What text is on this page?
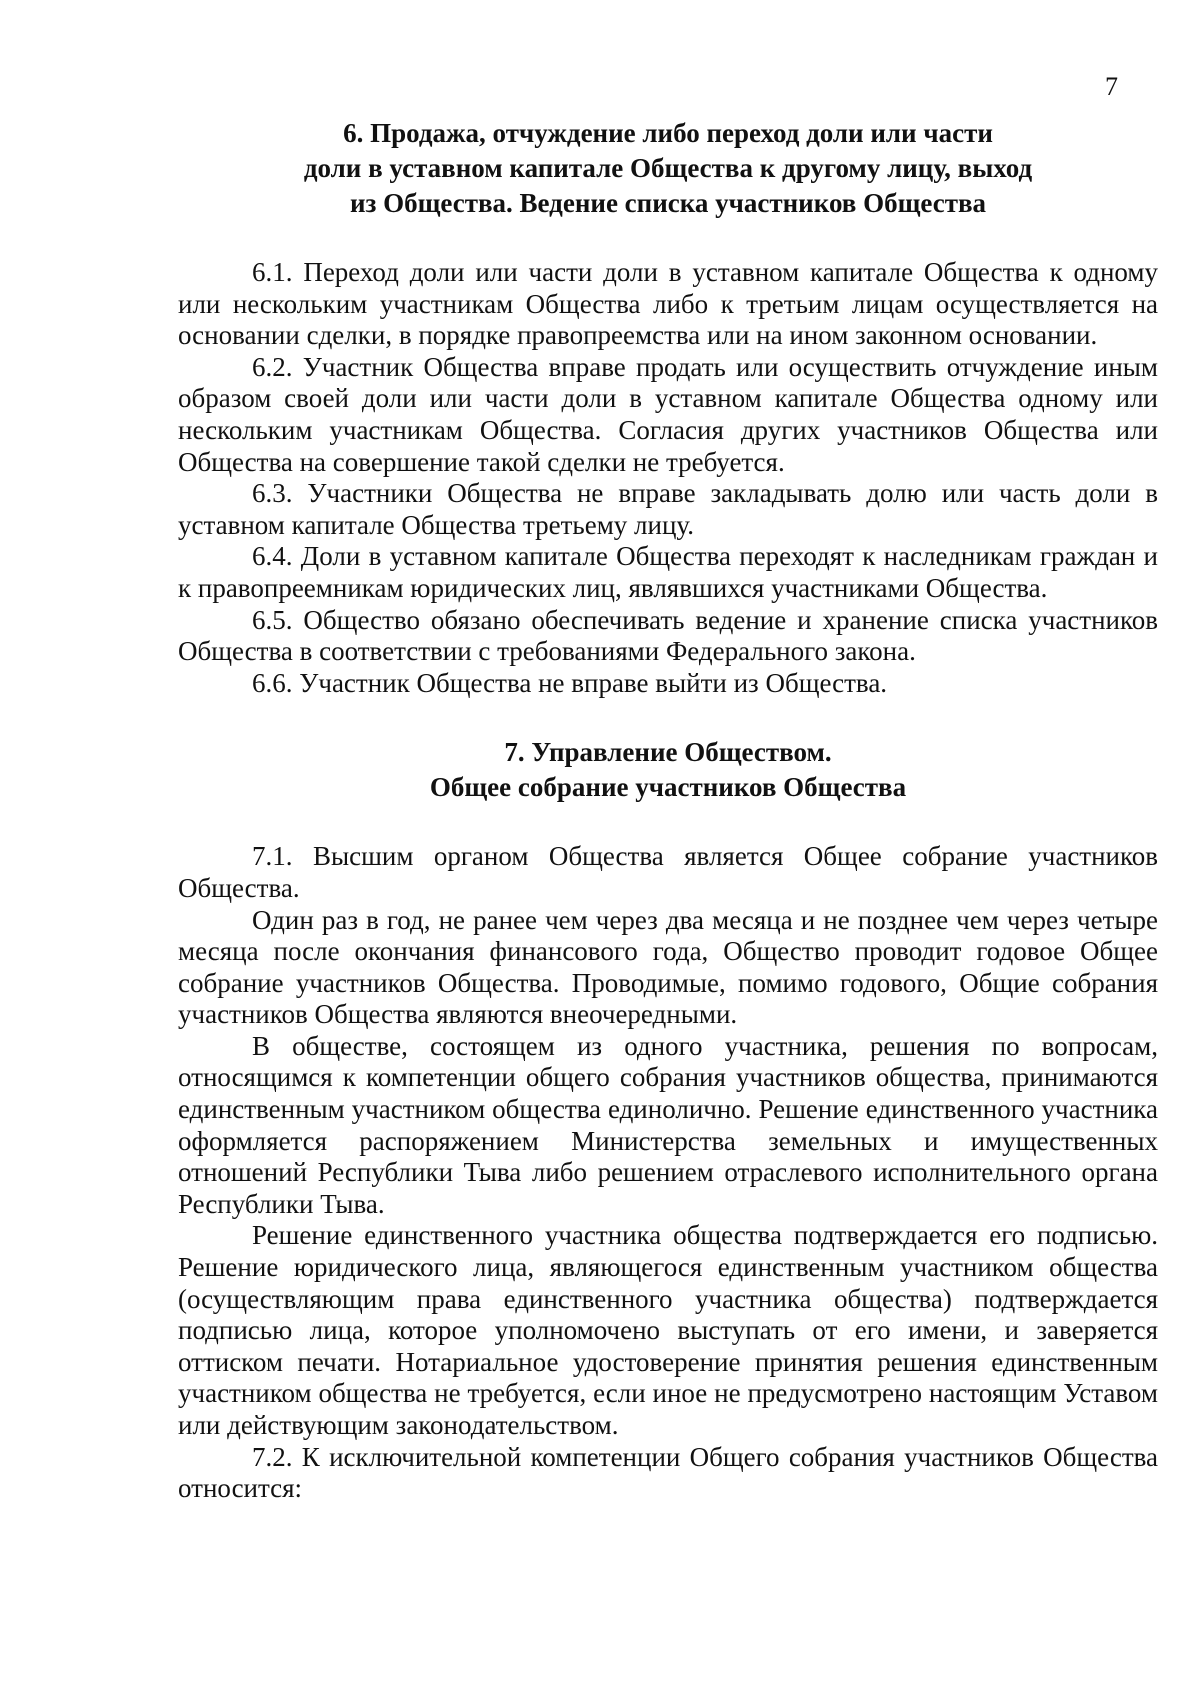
7
6. Продажа, отчуждение либо переход доли или части
доли в уставном капитале Общества к другому лицу, выход
из Общества. Ведение списка участников Общества

6.1. Переход доли или части доли в уставном капитале Общества к одному или нескольким участникам Общества либо к третьим лицам осуществляется на основании сделки, в порядке правопреемства или на ином законном основании.

6.2. Участник Общества вправе продать или осуществить отчуждение иным образом своей доли или части доли в уставном капитале Общества одному или нескольким участникам Общества. Согласия других участников Общества или Общества на совершение такой сделки не требуется.

6.3. Участники Общества не вправе закладывать долю или часть доли в уставном капитале Общества третьему лицу.

6.4. Доли в уставном капитале Общества переходят к наследникам граждан и к правопреемникам юридических лиц, являвшихся участниками Общества.

6.5. Общество обязано обеспечивать ведение и хранение списка участников Общества в соответствии с требованиями Федерального закона.

6.6. Участник Общества не вправе выйти из Общества.

7. Управление Обществом.
Общее собрание участников Общества

7.1. Высшим органом Общества является Общее собрание участников Общества.

Один раз в год, не ранее чем через два месяца и не позднее чем через четыре месяца после окончания финансового года, Общество проводит годовое Общее собрание участников Общества. Проводимые, помимо годового, Общие собрания участников Общества являются внеочередными.

В обществе, состоящем из одного участника, решения по вопросам, относящимся к компетенции общего собрания участников общества, принимаются единственным участником общества единолично. Решение единственного участника оформляется распоряжением Министерства земельных и имущественных отношений Республики Тыва либо решением отраслевого исполнительного органа Республики Тыва.

Решение единственного участника общества подтверждается его подписью. Решение юридического лица, являющегося единственным участником общества (осуществляющим права единственного участника общества) подтверждается подписью лица, которое уполномочено выступать от его имени, и заверяется оттиском печати. Нотариальное удостоверение принятия решения единственным участником общества не требуется, если иное не предусмотрено настоящим Уставом или действующим законодательством.

7.2. К исключительной компетенции Общего собрания участников Общества относится:
